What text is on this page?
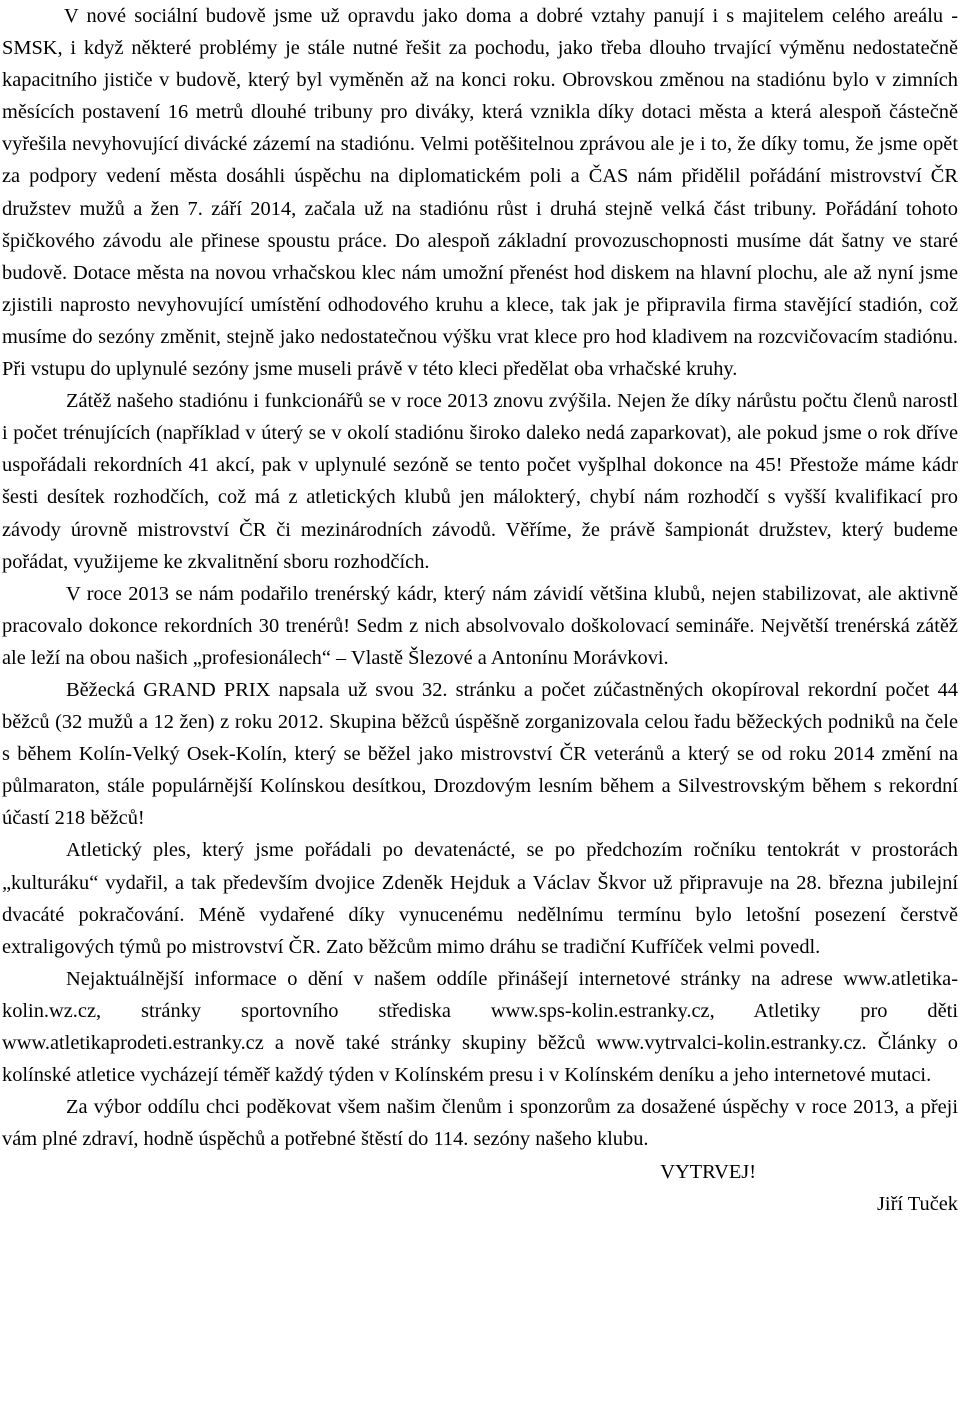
V nové sociální budově jsme už opravdu jako doma a dobré vztahy panují i s majitelem celého areálu - SMSK, i když některé problémy je stále nutné řešit za pochodu, jako třeba dlouho trvající výměnu nedostatečně kapacitního jističe v budově, který byl vyměněn až na konci roku. Obrovskou změnou na stadiónu bylo v zimních měsících postavení 16 metrů dlouhé tribuny pro diváky, která vznikla díky dotaci města a která alespoň částečně vyřešila nevyhovující divácké zázemí na stadiónu. Velmi potěšitelnou zprávou ale je i to, že díky tomu, že jsme opět za podpory vedení města dosáhli úspěchu na diplomatickém poli a ČAS nám přidělil pořádání mistrovství ČR družstev mužů a žen 7. září 2014, začala už na stadiónu růst i druhá stejně velká část tribuny. Pořádání tohoto špičkového závodu ale přinese spoustu práce. Do alespoň základní provozuschopnosti musíme dát šatny ve staré budově. Dotace města na novou vrhačskou klec nám umožní přenést hod diskem na hlavní plochu, ale až nyní jsme zjistili naprosto nevyhovující umístění odhodového kruhu a klece, tak jak je připravila firma stavějící stadión, což musíme do sezóny změnit, stejně jako nedostatečnou výšku vrat klece pro hod kladivem na rozcvičovacím stadiónu. Při vstupu do uplynulé sezóny jsme museli právě v této kleci předělat oba vrhačské kruhy.

Zátěž našeho stadiónu i funkcionářů se v roce 2013 znovu zvýšila. Nejen že díky nárůstu počtu členů narostl i počet trénujících (například v úterý se v okolí stadiónu široko daleko nedá zaparkovat), ale pokud jsme o rok dříve uspořádali rekordních 41 akcí, pak v uplynulé sezóně se tento počet vyšplhal dokonce na 45! Přestože máme kádr šesti desítek rozhodčích, což má z atletických klubů jen málokterý, chybí nám rozhodčí s vyšší kvalifikací pro závody úrovně mistrovství ČR či mezinárodních závodů. Věříme, že právě šampionát družstev, který budeme pořádat, využijeme ke zkvalitnění sboru rozhodčích.

V roce 2013 se nám podařilo trenérský kádr, který nám závidí většina klubů, nejen stabilizovat, ale aktivně pracovalo dokonce rekordních 30 trenérů! Sedm z nich absolvovalo doškolovací semináře. Největší trenérská zátěž ale leží na obou našich „profesionálech“ – Vlastě Šlezové a Antonínu Morávkovi.

Běžecká GRAND PRIX napsala už svou 32. stránku a počet zúčastněných okopíroval rekordní počet 44 běžců (32 mužů a 12 žen) z roku 2012. Skupina běžců úspěšně zorganizovala celou řadu běžeckých podniků na čele s během Kolín-Velký Osek-Kolín, který se běžel jako mistrovství ČR veteránů a který se od roku 2014 změní na půlmaraton, stále populárnější Kolínskou desítkou, Drozdovým lesním během a Silvestrovským během s rekordní účastí 218 běžců!

Atletický ples, který jsme pořádali po devatenácté, se po předchozím ročníku tentokrát v prostorách „kulturáku“ vydařil, a tak především dvojice Zdeněk Hejduk a Václav Škvor už připravuje na 28. března jubilejní dvacáté pokračování. Méně vydařené díky vynucenému nedělnímu termínu bylo letošní posezení čerstvě extraligových týmů po mistrovství ČR. Zato běžcům mimo dráhu se tradiční Kufříček velmi povedl.

Nejaktuálnější informace o dění v našem oddíle přinášejí internetové stránky na adrese www.atletika-kolin.wz.cz, stránky sportovního střediska www.sps-kolin.estranky.cz, Atletiky pro děti www.atletikaprodeti.estranky.cz a nově také stránky skupiny běžců www.vytrvalci-kolin.estranky.cz. Články o kolínské atletice vycházejí téměř každý týden v Kolínském presu i v Kolínském deníku a jeho internetové mutaci.

Za výbor oddílu chci poděkovat všem našim členům i sponzorům za dosažené úspěchy v roce 2013, a přeji vám plné zdraví, hodně úspěchů a potřebné štěstí do 114. sezóny našeho klubu.

VYTRVEJ!

Jiří Tuček
